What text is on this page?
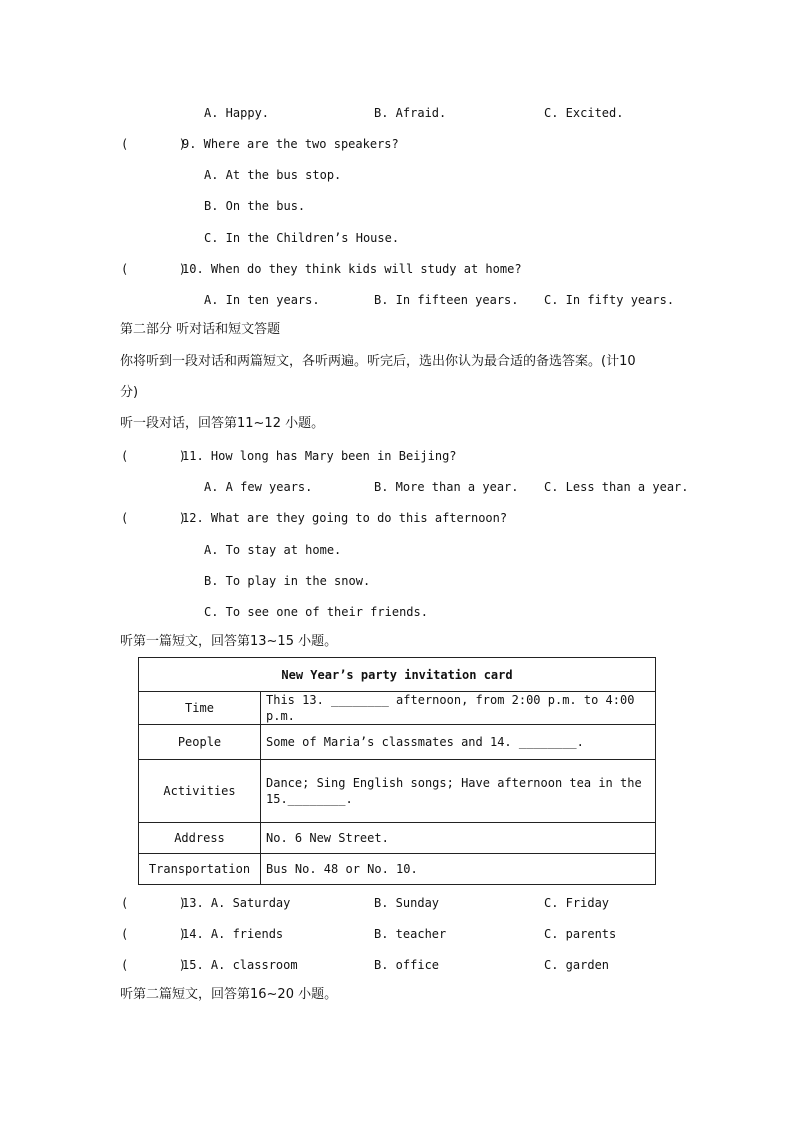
A. Happy.	B. Afraid.	C. Excited.
(       )
9. Where are the two speakers?
A. At the bus stop.
B. On the bus.
C. In the Children’s House.
(       )
10. When do they think kids will study at home?
A. In ten years.	B. In fifteen years. C. In fifty years.
第二部分 听对话和短文答题
你将听到一段对话和两篇短文，各听两遍。听完后，选出你认为最合适的备选答案。(计10
分)
听一段对话，回答第11~12 小题。
(       )
11. How long has Mary been in Beijing?
A. A few years.	B. More than a year. C. Less than a year.
(       )
12. What are they going to do this afternoon?
A. To stay at home.
B. To play in the snow.
C. To see one of their friends.
听第一篇短文，回答第13~15 小题。
New Year’s party invitation card	
Time	This 13. ________ afternoon, from 2:00 p.m. to 4:00 p.m.
People	Some of Maria’s classmates and 14. ________.
Activities	Dance; Sing English songs; Have afternoon tea in the
15.________.

Address	No. 6 New Street.
Transportation	Bus No. 48 or No. 10.
(       )
13. A. Saturday	B. Sunday	C. Friday
(       )
14. A. friends	B. teacher	C. parents
(       )
15. A. classroom	B. office	C. garden
听第二篇短文，回答第16~20 小题。
